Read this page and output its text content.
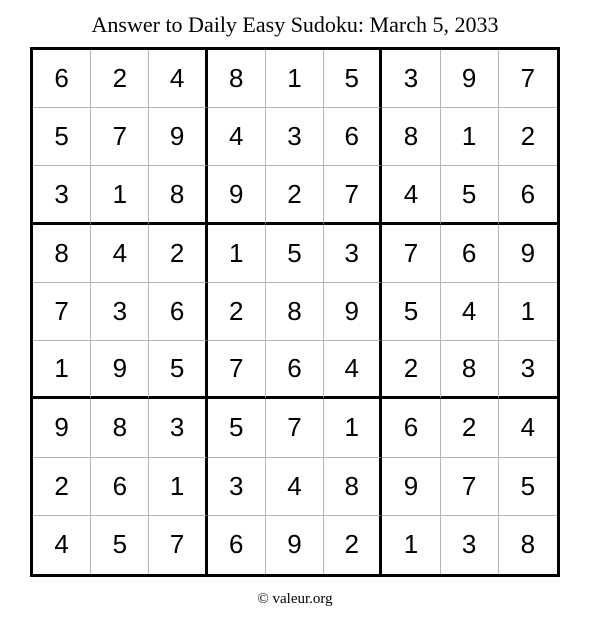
Answer to Daily Easy Sudoku: March 5, 2033
6	2	4	8	1	5	3	9	7
5	7	9	4	3	6	8	1	2
3	1	8	9	2	7	4	5	6
8	4	2	1	5	3	7	6	9
7	3	6	2	8	9	5	4	1
1	9	5	7	6	4	2	8	3
9	8	3	5	7	1	6	2	4
2	6	1	3	4	8	9	7	5
4	5	7	6	9	2	1	3	8
© valeur.org
